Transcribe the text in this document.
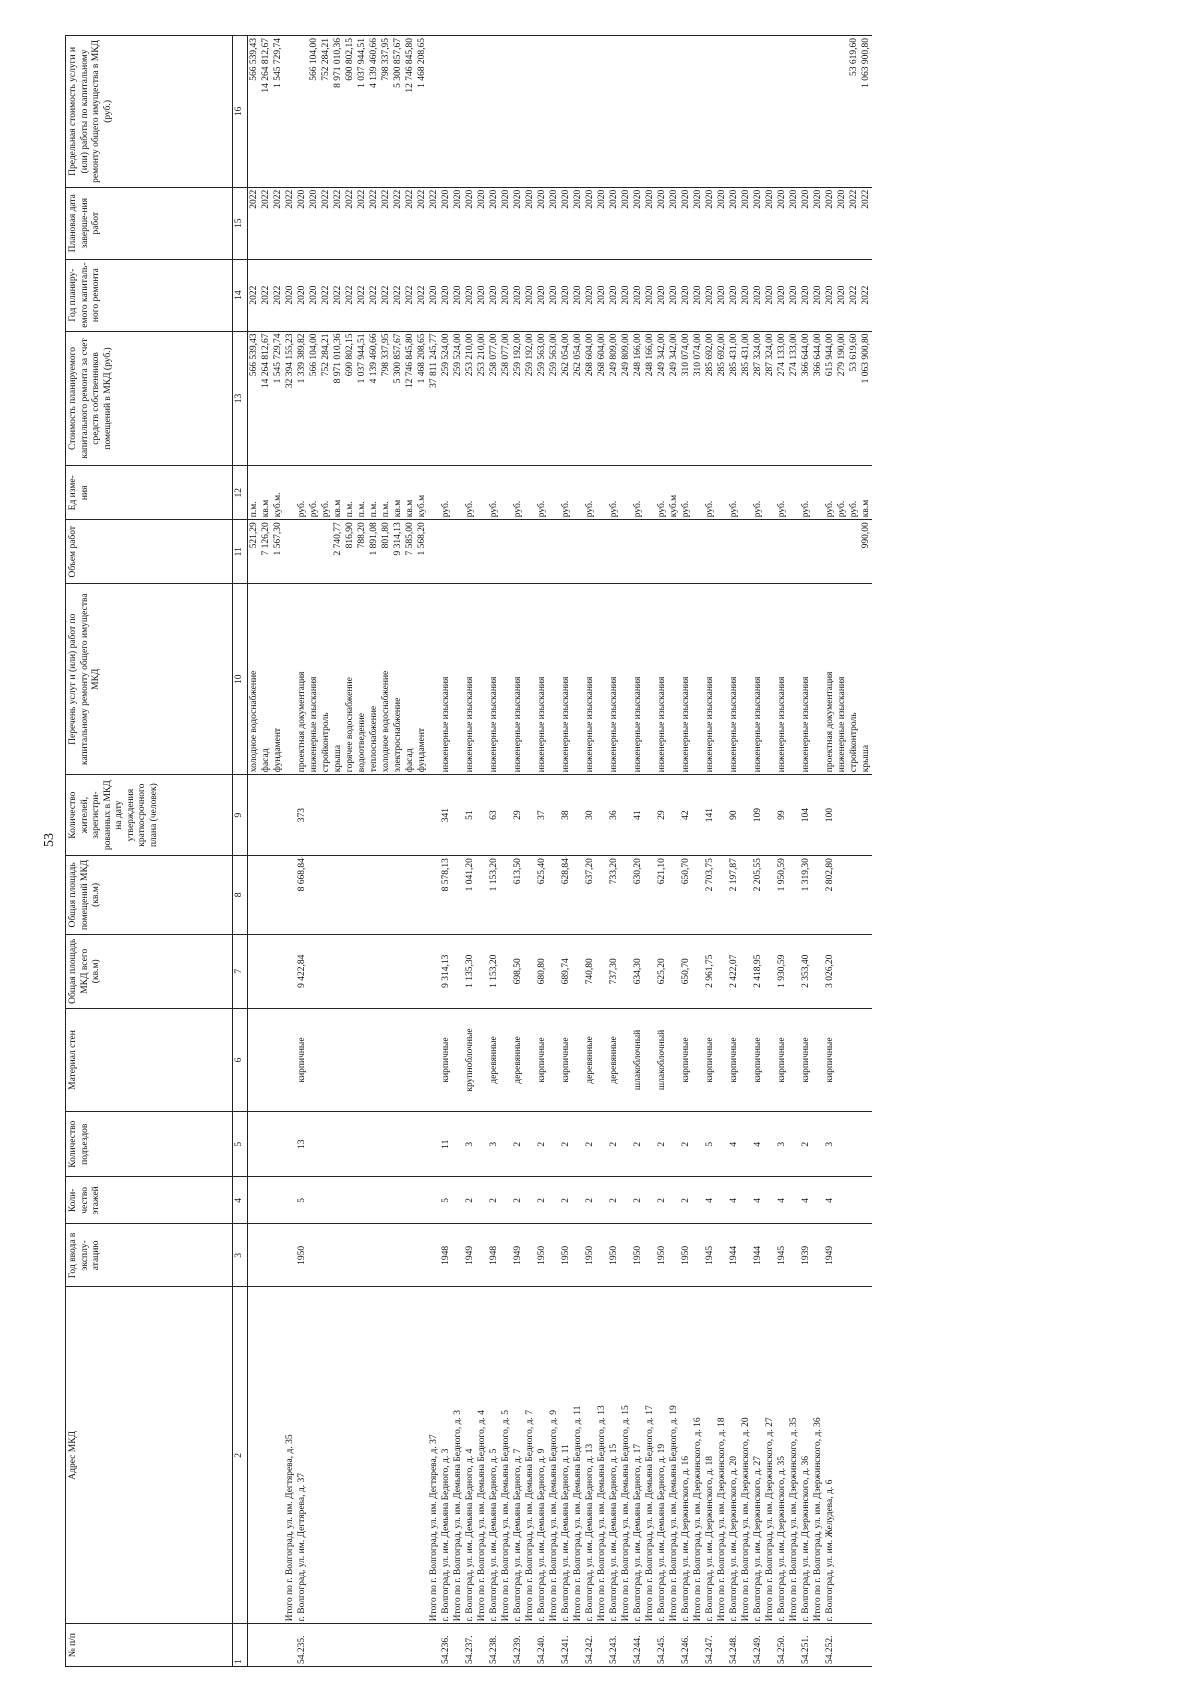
53
№ п/п	Адрес МКД	Год ввода в эксплу-атацию	Коли-чество этажей	Количество подъездов	Материал стен	Общая площадь МКД всего (кв.м)	Общая площадь помещений МКД (кв.м)	Количество жителей, зарегистри-рованных в МКД на дату утверждения краткосрочного плана (человек)	Перечень услуг и (или) работ по капитальному ремонту общего имущества МКД	Объем работ	Ед изме-ния	Стоимость планируемого капитального ремонта за счет средств собственников помещений в МКД (руб.)	Год планиру-емого капиталь-ного ремонта	Плановая дата заверше-ния работ	Предельная стоимость услуги и (или) работы по капитальному ремонту общего имущества в МКД (руб.)
1	2	3	4	5	6	7	8	9	10	11	12	13	14	15	16
									холодное водоснабжение	521,29	п.м.	566 539,43	2022	2022	566 539,43
									фасад	7 126,20	кв.м	14 264 812,67	2022	2022	14 264 812,67
									фундамент	1 567,30	куб.м.	1 545 729,74	2022	2022	1 545 729,74
	Итого по г. Волгоград, ул. им. Дегтярева, д. 35											32 394 155,23	2020	2022	
54.235.	г. Волгоград, ул. им. Дегтярева, д. 37	1950	5	13	кирпичные	9 422,84	8 668,84	373	проектная документация		руб.	1 339 389,82	2020	2020	
									инженерные изыскания		руб.	566 104,00	2020	2020	566 104,00
									стройконтроль		руб.	752 284,21	2022	2022	752 284,21
									крыша	2 740,77	кв.м	8 971 010,36	2022	2022	8 971 010,36
									горячее водоснабжение	816,90	п.м.	690 802,15	2022	2022	690 802,15
									водоотведение	788,20	п.м.	1 037 944,51	2022	2022	1 037 944,51
									теплоснабжение	1 891,08	п.м.	4 139 460,66	2022	2022	4 139 460,66
									холодное водоснабжение	801,80	п.м.	798 337,95	2022	2022	798 337,95
									электроснабжение	9 314,13	кв.м	5 300 857,67	2022	2022	5 300 857,67
									фасад	7 585,00	кв.м	12 746 845,80	2022	2022	12 746 845,80
									фундамент	1 568,20	куб.м	1 468 208,65	2022	2022	1 468 208,65
	Итого по г. Волгоград, ул. им. Дегтярева, д. 37											37 811 245,77	2020	2022	
54.236.	г. Волгоград, ул. им. Демьяна Бедного, д. 3	1948	5	11	кирпичные	9 314,13	8 578,13	341	инженерные изыскания		руб.	259 524,00	2020	2020	
	Итого по г. Волгоград, ул. им. Демьяна Бедного, д. 3											259 524,00	2020	2020	
54.237.	г. Волгоград, ул. им. Демьяна Бедного, д. 4	1949	2	3	крупноблочные	1 135,30	1 041,20	51	инженерные изыскания		руб.	253 210,00	2020	2020	
	Итого по г. Волгоград, ул. им. Демьяна Бедного, д. 4											253 210,00	2020	2020	
54.238.	г. Волгоград, ул. им. Демьяна Бедного, д. 5	1948	2	3	деревянные	1 153,20	1 153,20	63	инженерные изыскания		руб.	258 077,00	2020	2020	
	Итого по г. Волгоград, ул. им. Демьяна Бедного, д. 5											258 077,00	2020	2020	
54.239.	г. Волгоград, ул. им. Демьяна Бедного, д. 7	1949	2	2	деревянные	698,50	613,50	29	инженерные изыскания		руб.	259 192,00	2020	2020	
	Итого по г. Волгоград, ул. им. Демьяна Бедного, д. 7											259 192,00	2020	2020	
54.240.	г. Волгоград, ул. им. Демьяна Бедного, д. 9	1950	2	2	кирпичные	680,80	625,40	37	инженерные изыскания		руб.	259 563,00	2020	2020	
	Итого по г. Волгоград, ул. им. Демьяна Бедного, д. 9											259 563,00	2020	2020	
54.241.	г. Волгоград, ул. им. Демьяна Бедного, д. 11	1950	2	2	кирпичные	689,74	628,84	38	инженерные изыскания		руб.	262 054,00	2020	2020	
	Итого по г. Волгоград, ул. им. Демьяна Бедного, д. 11											262 054,00	2020	2020	
54.242.	г. Волгоград, ул. им. Демьяна Бедного, д. 13	1950	2	2	деревянные	740,80	637,20	30	инженерные изыскания		руб.	268 604,00	2020	2020	
	Итого по г. Волгоград, ул. им. Демьяна Бедного, д. 13											268 604,00	2020	2020	
54.243.	г. Волгоград, ул. им. Демьяна Бедного, д. 15	1950	2	2	деревянные	737,30	733,20	36	инженерные изыскания		руб.	249 809,00	2020	2020	
	Итого по г. Волгоград, ул. им. Демьяна Бедного, д. 15											249 809,00	2020	2020	
54.244.	г. Волгоград, ул. им. Демьяна Бедного, д. 17	1950	2	2	шлакоблочный	634,30	630,20	41	инженерные изыскания		руб.	248 166,00	2020	2020	
	Итого по г. Волгоград, ул. им. Демьяна Бедного, д. 17											248 166,00	2020	2020	
54.245.	г. Волгоград, ул. им. Демьяна Бедного, д. 19	1950	2	2	шлакоблочный	625,20	621,10	29	инженерные изыскания		руб.	249 342,00	2020	2020	
	Итого по г. Волгоград, ул. им. Демьяна Бедного, д. 19										куб.м	249 342,00	2020	2020	
54.246.	г. Волгоград, ул. им. Дзержинского, д. 16	1950	2	2	кирпичные	650,70	650,70	42	инженерные изыскания		руб.	310 074,00	2020	2020	
	Итого по г. Волгоград, ул. им. Дзержинского, д. 16											310 074,00	2020	2020	
54.247.	г. Волгоград, ул. им. Дзержинского, д. 18	1945	4	5	кирпичные	2 961,75	2 703,75	141	инженерные изыскания		руб.	285 692,00	2020	2020	
	Итого по г. Волгоград, ул. им. Дзержинского, д. 18											285 692,00	2020	2020	
54.248.	г. Волгоград, ул. им. Дзержинского, д. 20	1944	4	4	кирпичные	2 422,07	2 197,87	90	инженерные изыскания		руб.	285 431,00	2020	2020	
	Итого по г. Волгоград, ул. им. Дзержинского, д. 20											285 431,00	2020	2020	
54.249.	г. Волгоград, ул. им. Дзержинского, д. 27	1944	4	4	кирпичные	2 418,95	2 205,55	109	инженерные изыскания		руб.	287 324,00	2020	2020	
	Итого по г. Волгоград, ул. им. Дзержинского, д. 27											287 324,00	2020	2020	
54.250.	г. Волгоград, ул. им. Дзержинского, д. 35	1945	4	3	кирпичные	1 930,59	1 950,59	99	инженерные изыскания		руб.	274 133,00	2020	2020	
	Итого по г. Волгоград, ул. им. Дзержинского, д. 35											274 133,00	2020	2020	
54.251.	г. Волгоград, ул. им. Дзержинского, д. 36	1939	4	2	кирпичные	2 353,40	1 319,30	104	инженерные изыскания		руб.	366 644,00	2020	2020	
	Итого по г. Волгоград, ул. им. Дзержинского, д. 36											366 644,00	2020	2020	
54.252.	г. Волгоград, ул. им. Желудева, д. 6	1949	4	3	кирпичные	3 026,20	2 802,80	100	проектная документация		руб.	615 944,00	2020	2020	
									инженерные изыскания		руб.	279 190,00	2020	2020	
									стройконтроль		руб.	53 619,60	2022	2022	53 619,60
									крыша	990,00	кв.м	1 063 900,80	2022	2022	1 063 900,80
